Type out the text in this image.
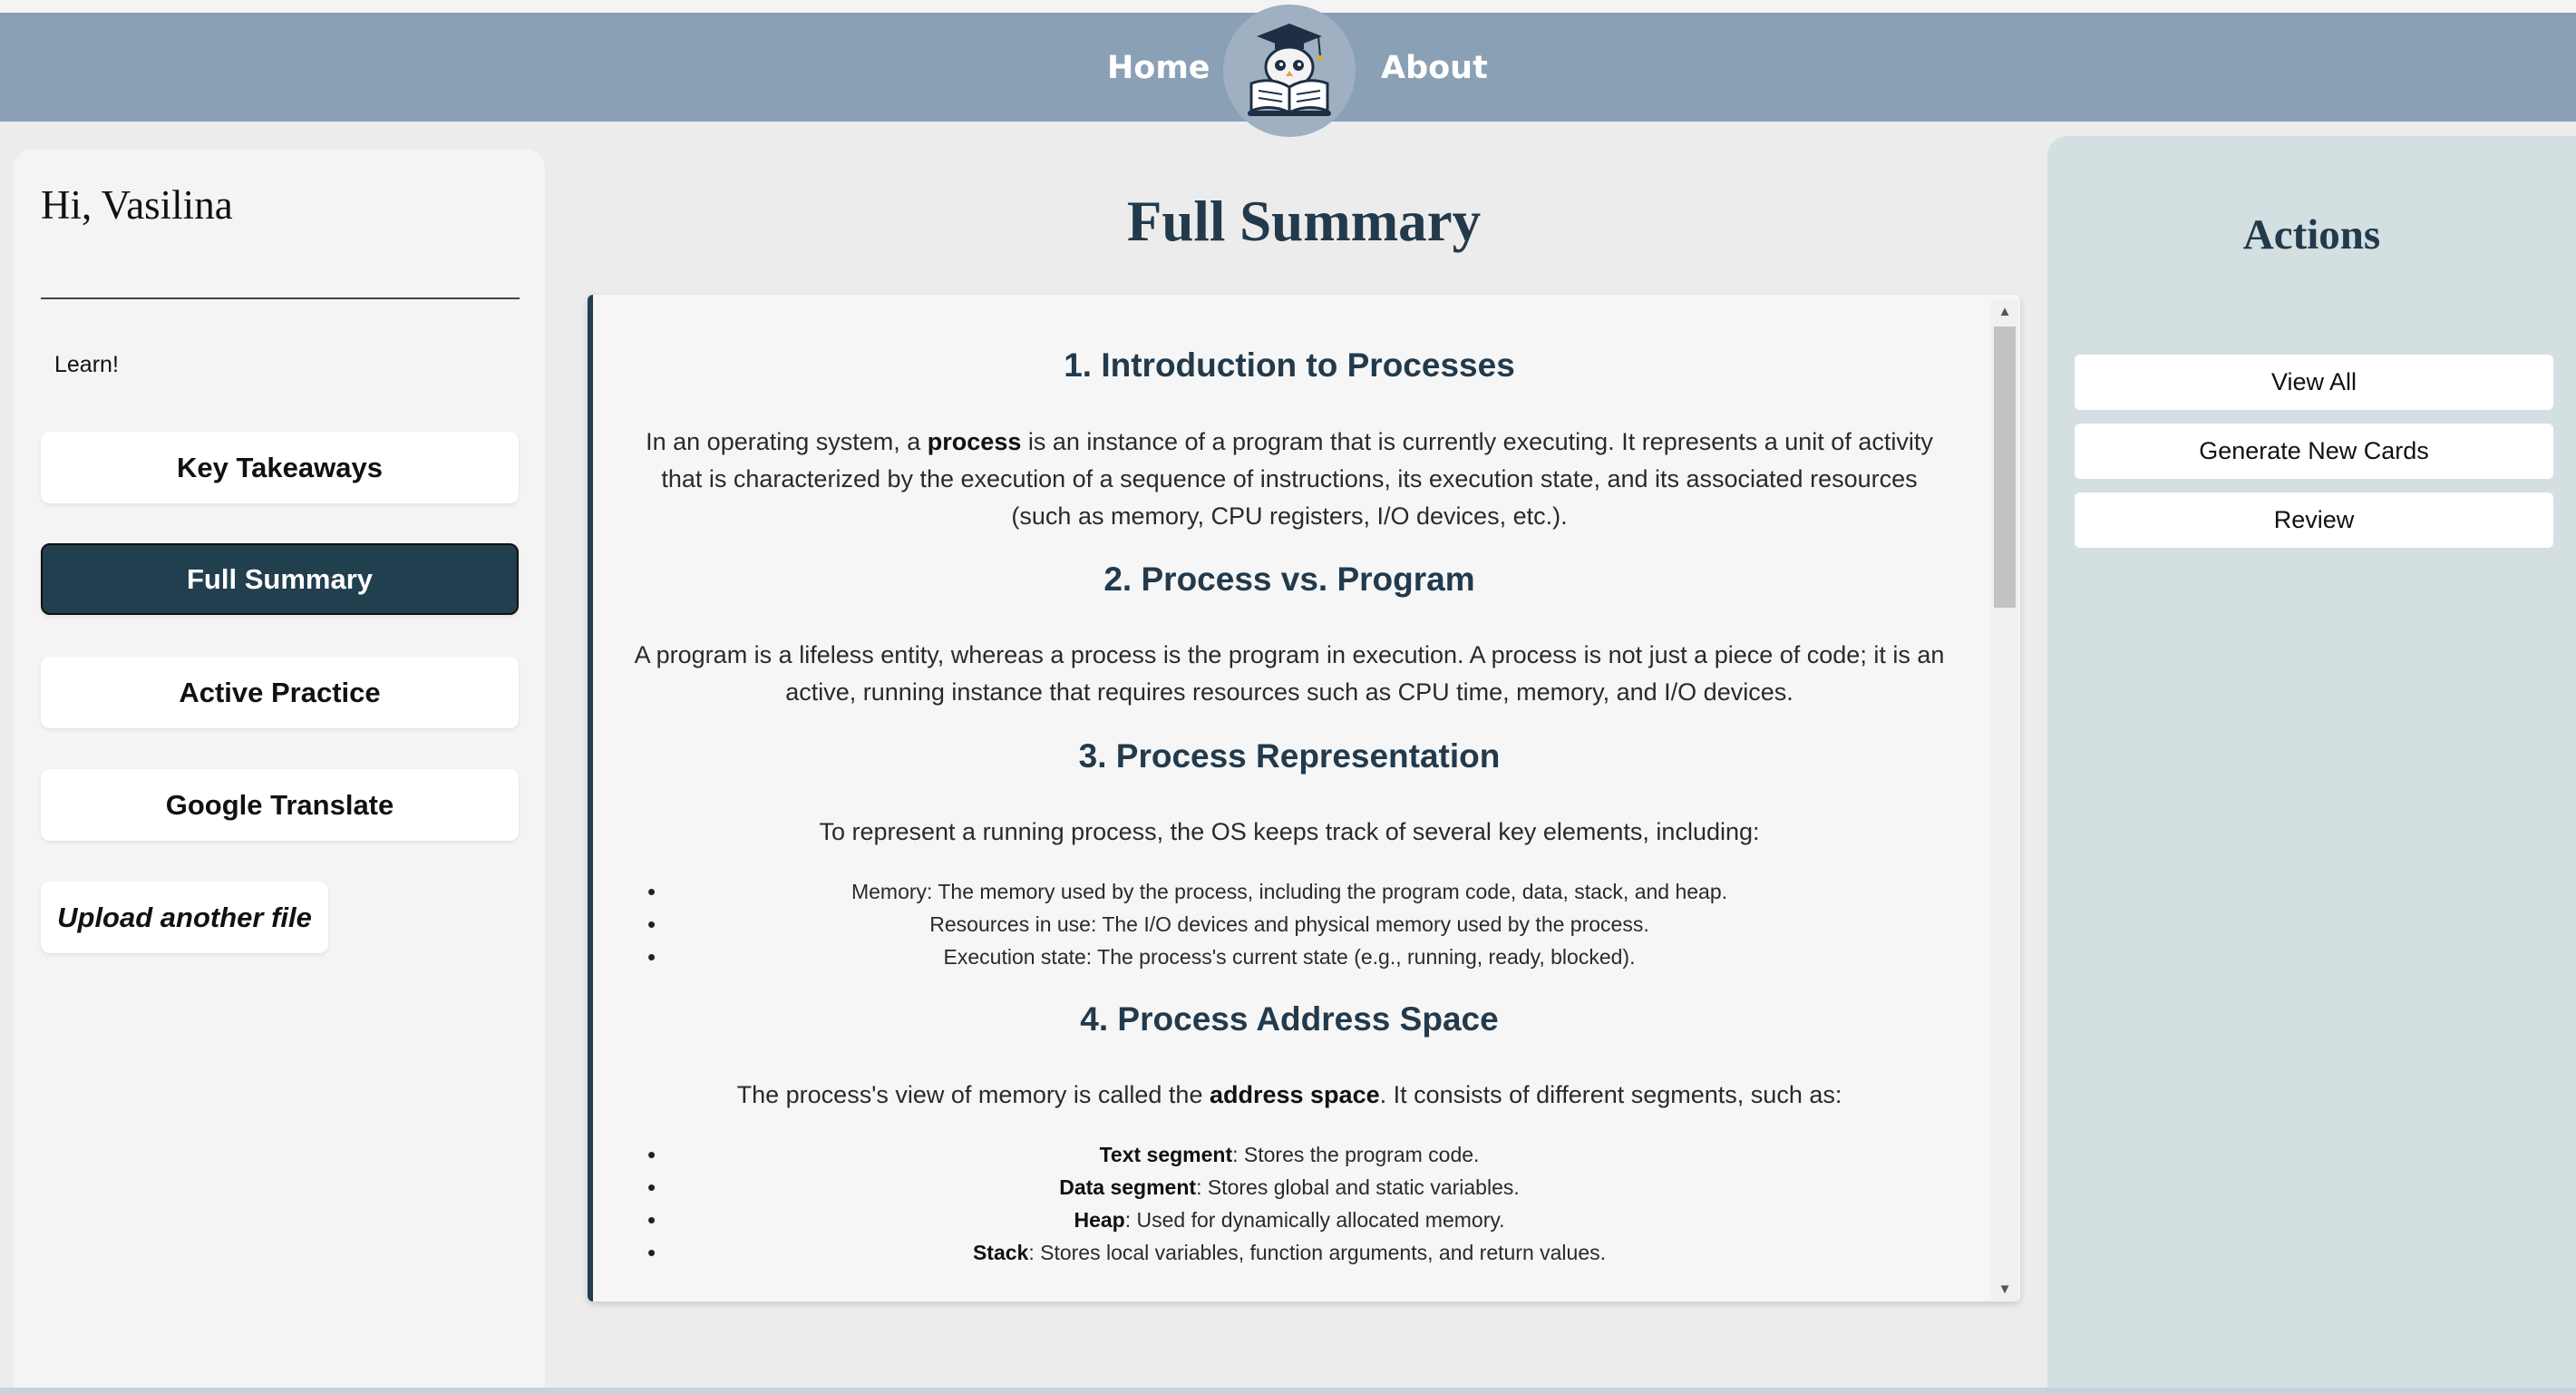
Home	About
Hi, Vasilina
Learn!
Key Takeaways
Full Summary
Active Practice
Google Translate
Upload another file
Full Summary
1. Introduction to Processes

In an operating system, a process is an instance of a program that is currently executing. It represents a unit of activity that is characterized by the execution of a sequence of instructions, its execution state, and its associated resources (such as memory, CPU registers, I/O devices, etc.).

2. Process vs. Program

A program is a lifeless entity, whereas a process is the program in execution. A process is not just a piece of code; it is an active, running instance that requires resources such as CPU time, memory, and I/O devices.

3. Process Representation

To represent a running process, the OS keeps track of several key elements, including:

• Memory: The memory used by the process, including the program code, data, stack, and heap.
• Resources in use: The I/O devices and physical memory used by the process.
• Execution state: The process's current state (e.g., running, ready, blocked).
4. Process Address Space

The process's view of memory is called the address space. It consists of different segments, such as:

• Text segment: Stores the program code.
• Data segment: Stores global and static variables.
• Heap: Used for dynamically allocated memory.
• Stack: Stores local variables, function arguments, and return values.
▲
▼
Actions
View All
Generate New Cards
Review
